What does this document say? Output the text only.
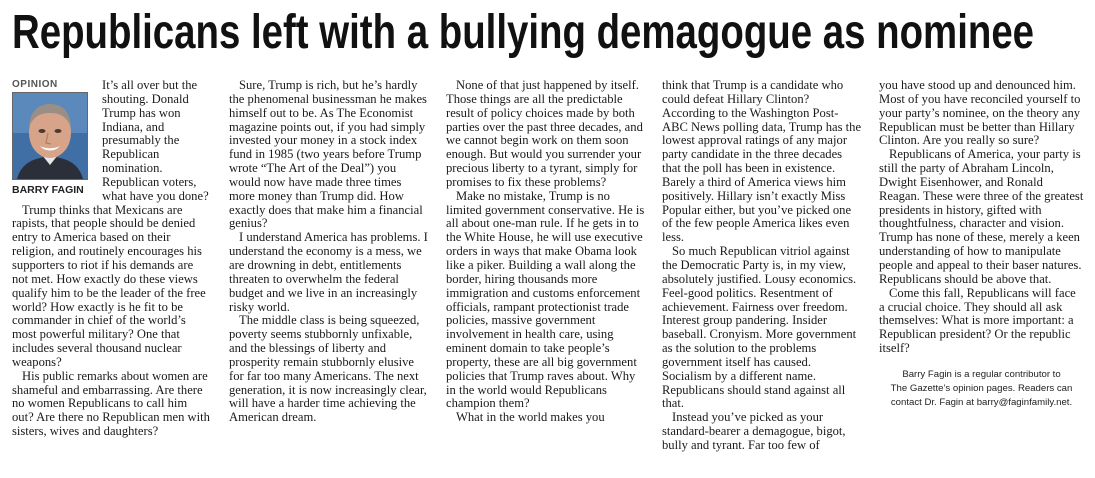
Republicans left with a bullying demagogue as nominee
OPINION
BARRY FAGIN

It’s all over but the shouting. Donald Trump has won Indiana, and presumably the Republican nomination. Republican voters, what have you done?

Trump thinks that Mexicans are rapists, that people should be denied entry to America based on their religion, and routinely encourages his supporters to riot if his demands are not met. How exactly do these views qualify him to be the leader of the free world? How exactly is he fit to be commander in chief of the world’s most powerful military? One that includes several thousand nuclear weapons?

His public remarks about women are shameful and embarrassing. Are there no women Republicans to call him out? Are there no Republican men with sisters, wives and daughters?

Sure, Trump is rich, but he’s hardly the phenomenal businessman he makes himself out to be. As The Economist magazine points out, if you had simply invested your money in a stock index fund in 1985 (two years before Trump wrote “The Art of the Deal”) you would now have made three times more money than Trump did. How exactly does that make him a financial genius?

I understand America has problems. I understand the economy is a mess, we are drowning in debt, entitlements threaten to overwhelm the federal budget and we live in an increasingly risky world.

The middle class is being squeezed, poverty seems stubbornly unfixable, and the blessings of liberty and prosperity remain stubbornly elusive for far too many Americans. The next generation, it is now increasingly clear, will have a harder time achieving the American dream.

None of that just happened by itself. Those things are all the predictable result of policy choices made by both parties over the past three decades, and we cannot begin work on them soon enough. But would you surrender your precious liberty to a tyrant, simply for promises to fix these problems?

Make no mistake, Trump is no limited government conservative. He is all about one-man rule. If he gets in to the White House, he will use executive orders in ways that make Obama look like a piker. Building a wall along the border, hiring thousands more immigration and customs enforcement officials, rampant protectionist trade policies, massive government involvement in health care, using eminent domain to take people’s property, these are all big government policies that Trump raves about. Why in the world would Republicans champion them?

What in the world makes you

think that Trump is a candidate who could defeat Hillary Clinton? According to the Washington Post-ABC News polling data, Trump has the lowest approval ratings of any major party candidate in the three decades that the poll has been in existence. Barely a third of America views him positively. Hillary isn’t exactly Miss Popular either, but you’ve picked one of the few people America likes even less.

So much Republican vitriol against the Democratic Party is, in my view, absolutely justified. Lousy economics. Feel-good politics. Resentment of achievement. Fairness over freedom. Interest group pandering. Insider baseball. Cronyism. More government as the solution to the problems government itself has caused. Socialism by a different name. Republicans should stand against all that.

Instead you’ve picked as your standard-bearer a demagogue, bigot, bully and tyrant. Far too few of

you have stood up and denounced him. Most of you have reconciled yourself to your party’s nominee, on the theory any Republican must be better than Hillary Clinton. Are you really so sure?

Republicans of America, your party is still the party of Abraham Lincoln, Dwight Eisenhower, and Ronald Reagan. These were three of the greatest presidents in history, gifted with thoughtfulness, character and vision. Trump has none of these, merely a keen understanding of how to manipulate people and appeal to their baser natures. Republicans should be above that.

Come this fall, Republicans will face a crucial choice. They should all ask themselves: What is more important: a Republican president? Or the republic itself?

Barry Fagin is a regular contributor to
The Gazette’s opinion pages. Readers can
contact Dr. Fagin at barry@faginfamily.net.
